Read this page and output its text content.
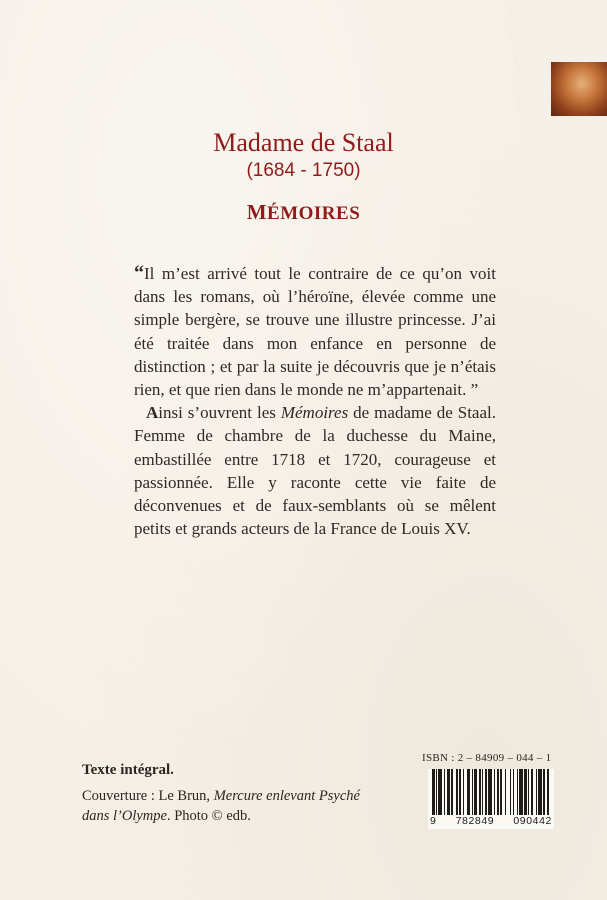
Madame de Staal
(1684 - 1750)
MÉMOIRES

“Il m’est arrivé tout le contraire de ce qu’on voit dans les romans, où l’héroïne, élevée comme une simple bergère, se trouve une illustre princesse. J’ai été traitée dans mon enfance en personne de distinction ; et par la suite je découvris que je n’étais rien, et que rien dans le monde ne m’appartenait. ”

Ainsi s’ouvrent les Mémoires de madame de Staal. Femme de chambre de la duchesse du Maine, embastillée entre 1718 et 1720, courageuse et passionnée. Elle y raconte cette vie faite de déconvenues et de faux-semblants où se mêlent petits et grands acteurs de la France de Louis XV.

Texte intégral.
Couverture : Le Brun, Mercure enlevant Psyché dans l’Olympe. Photo © edb.
ISBN : 2 – 84909 – 044 – 1
9 782849 090442
